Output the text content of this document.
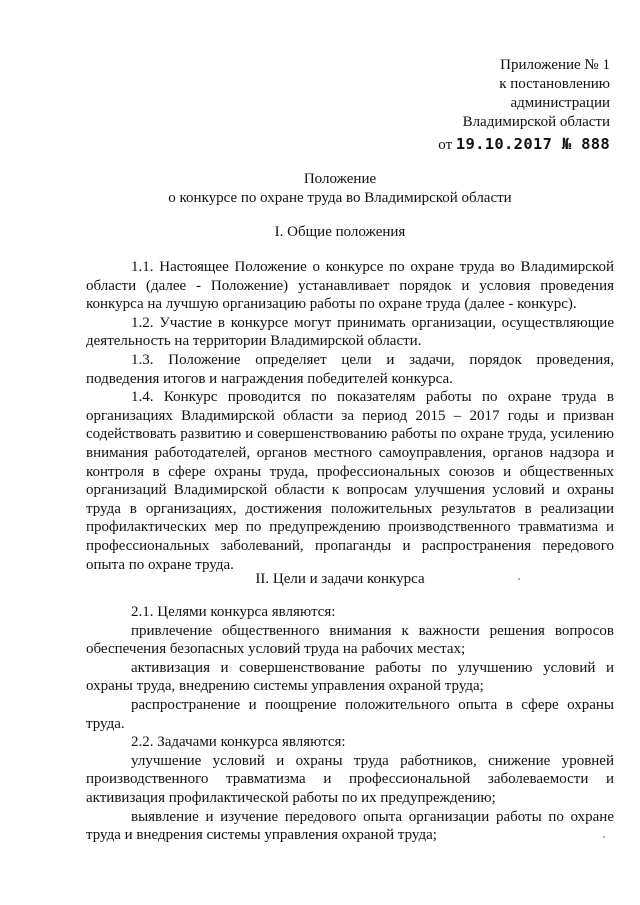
Приложение № 1
к постановлению
администрации
Владимирской области
от 19.10.2017 № 888
Положение
о конкурсе по охране труда во Владимирской области
I. Общие положения

1.1. Настоящее Положение о конкурсе по охране труда во Владимирской области (далее - Положение) устанавливает порядок и условия проведения конкурса на лучшую организацию работы по охране труда (далее - конкурс).

1.2. Участие в конкурсе могут принимать организации, осуществляющие деятельность на территории Владимирской области.

1.3. Положение определяет цели и задачи, порядок проведения, подведения итогов и награждения победителей конкурса.

1.4. Конкурс проводится по показателям работы по охране труда в организациях Владимирской области за период 2015 – 2017 годы и призван содействовать развитию и совершенствованию работы по охране труда, усилению внимания работодателей, органов местного самоуправления, органов надзора и контроля в сфере охраны труда, профессиональных союзов и общественных организаций Владимирской области к вопросам улучшения условий и охраны труда в организациях, достижения положительных результатов в реализации профилактических мер по предупреждению производственного травматизма и профессиональных заболеваний, пропаганды и распространения передового опыта по охране труда.

II. Цели и задачи конкурса

2.1. Целями конкурса являются:

привлечение общественного внимания к важности решения вопросов обеспечения безопасных условий труда на рабочих местах;

активизация и совершенствование работы по улучшению условий и охраны труда, внедрению системы управления охраной труда;

распространение и поощрение положительного опыта в сфере охраны труда.

2.2. Задачами конкурса являются:

улучшение условий и охраны труда работников, снижение уровней производственного травматизма и профессиональной заболеваемости и активизация профилактической работы по их предупреждению;

выявление и изучение передового опыта организации работы по охране труда и внедрения системы управления охраной труда;
